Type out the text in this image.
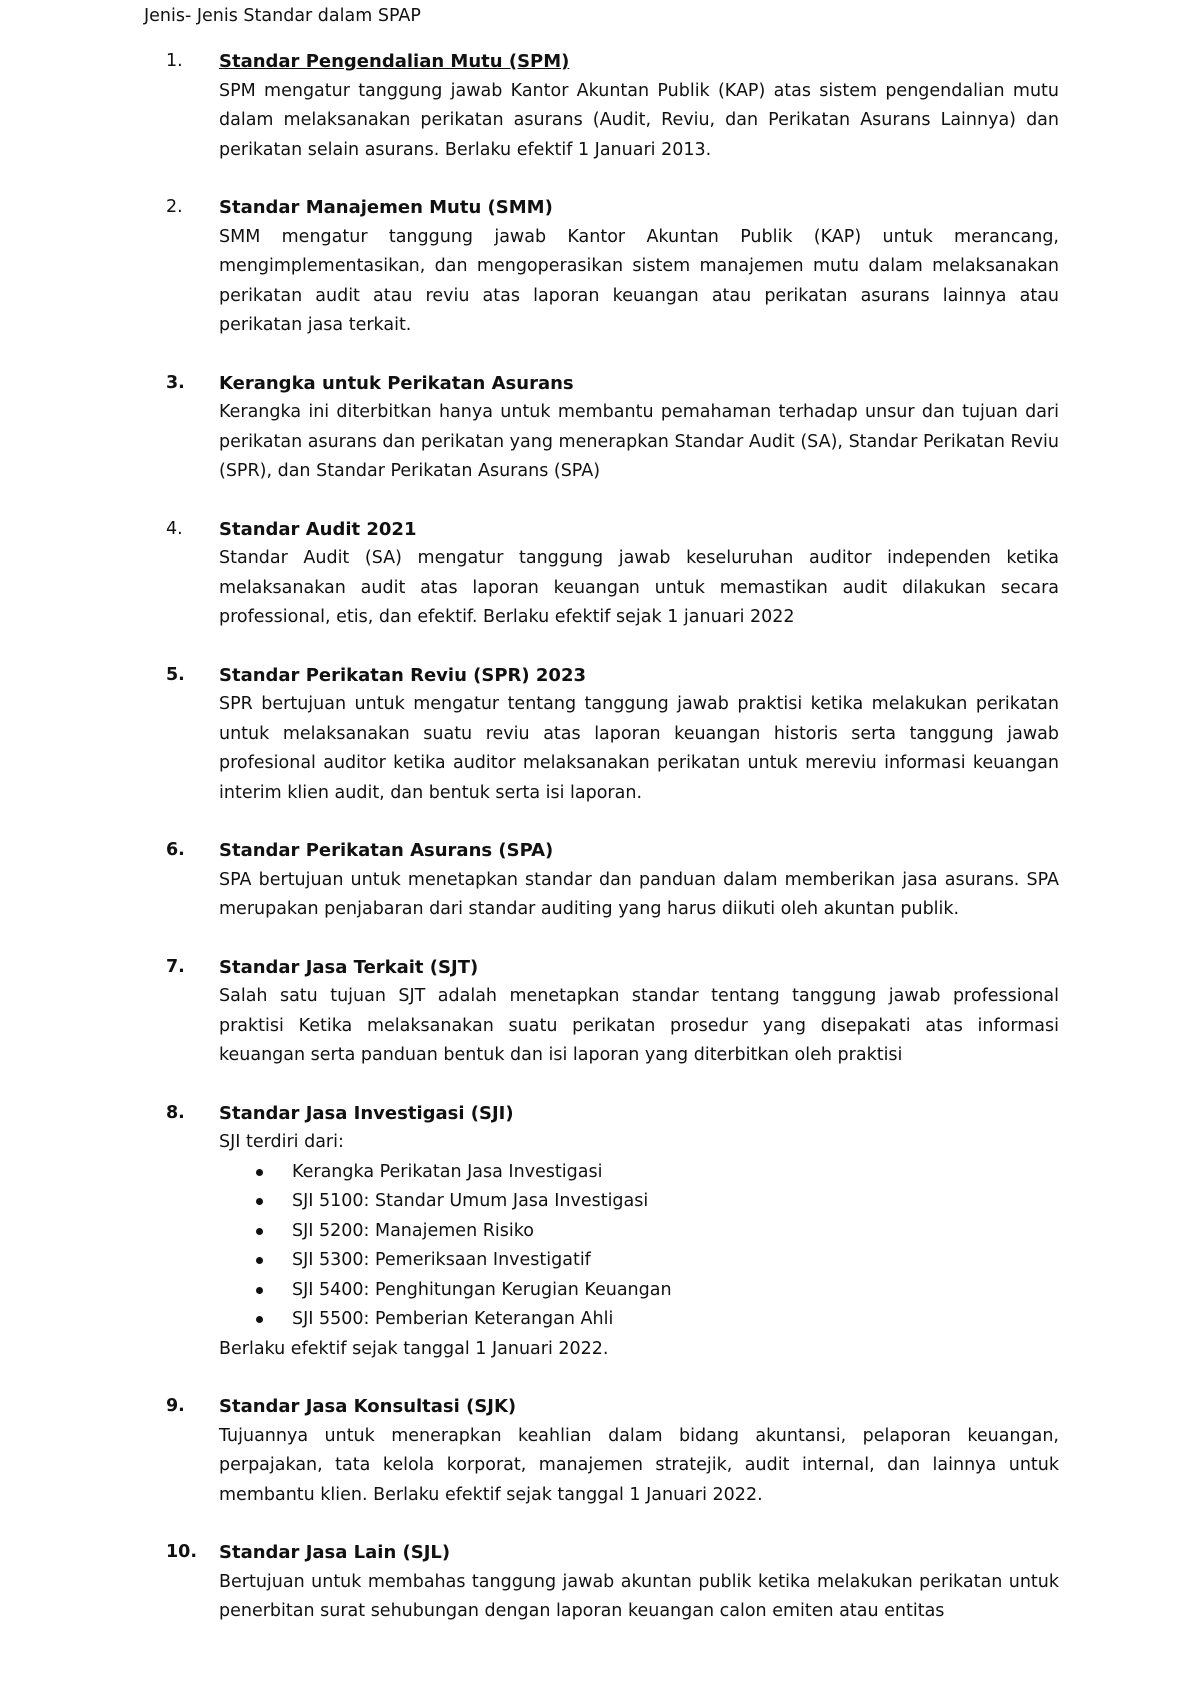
Jenis- Jenis Standar dalam SPAP
1.	Standar Pengendalian Mutu (SPM)
SPM mengatur tanggung jawab Kantor Akuntan Publik (KAP) atas sistem pengendalian mutu dalam melaksanakan perikatan asurans (Audit, Reviu, dan Perikatan Asurans Lainnya) dan perikatan selain asurans. Berlaku efektif 1 Januari 2013.
2.	Standar Manajemen Mutu (SMM)
SMM mengatur tanggung jawab Kantor Akuntan Publik (KAP) untuk merancang, mengimplementasikan, dan mengoperasikan sistem manajemen mutu dalam melaksanakan perikatan audit atau reviu atas laporan keuangan atau perikatan asurans lainnya atau perikatan jasa terkait.
3.	Kerangka untuk Perikatan Asurans
Kerangka ini diterbitkan hanya untuk membantu pemahaman terhadap unsur dan tujuan dari perikatan asurans dan perikatan yang menerapkan Standar Audit (SA), Standar Perikatan Reviu (SPR), dan Standar Perikatan Asurans (SPA)
4.	Standar Audit 2021
Standar Audit (SA) mengatur tanggung jawab keseluruhan auditor independen ketika melaksanakan audit atas laporan keuangan untuk memastikan audit dilakukan secara professional, etis, dan efektif. Berlaku efektif sejak 1 januari 2022
5.	Standar Perikatan Reviu (SPR) 2023
SPR bertujuan untuk mengatur tentang tanggung jawab praktisi ketika melakukan perikatan untuk melaksanakan suatu reviu atas laporan keuangan historis serta tanggung jawab profesional auditor ketika auditor melaksanakan perikatan untuk mereviu informasi keuangan interim klien audit, dan bentuk serta isi laporan.
6.	Standar Perikatan Asurans (SPA)
SPA bertujuan untuk menetapkan standar dan panduan dalam memberikan jasa asurans. SPA merupakan penjabaran dari standar auditing yang harus diikuti oleh akuntan publik.
7.	Standar Jasa Terkait (SJT)
Salah satu tujuan SJT adalah menetapkan standar tentang tanggung jawab professional praktisi Ketika melaksanakan suatu perikatan prosedur yang disepakati atas informasi keuangan serta panduan bentuk dan isi laporan yang diterbitkan oleh praktisi
8.	Standar Jasa Investigasi (SJI)
SJI terdiri dari:
Kerangka Perikatan Jasa Investigasi
SJI 5100: Standar Umum Jasa Investigasi
SJI 5200: Manajemen Risiko
SJI 5300: Pemeriksaan Investigatif
SJI 5400: Penghitungan Kerugian Keuangan
SJI 5500: Pemberian Keterangan Ahli
Berlaku efektif sejak tanggal 1 Januari 2022.
9.	Standar Jasa Konsultasi (SJK)
Tujuannya untuk menerapkan keahlian dalam bidang akuntansi, pelaporan keuangan, perpajakan, tata kelola korporat, manajemen stratejik, audit internal, dan lainnya untuk membantu klien. Berlaku efektif sejak tanggal 1 Januari 2022.
10. Standar Jasa Lain (SJL)
Bertujuan untuk membahas tanggung jawab akuntan publik ketika melakukan perikatan untuk penerbitan surat sehubungan dengan laporan keuangan calon emiten atau entitas
